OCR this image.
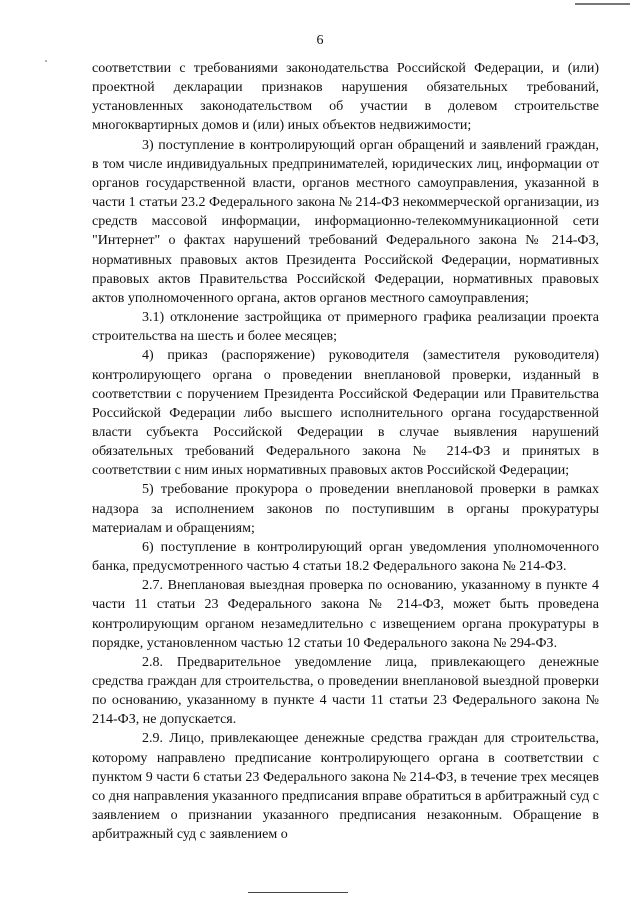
6

соответствии с требованиями законодательства Российской Федерации, и (или) проектной декларации признаков нарушения обязательных требований, установленных законодательством об участии в долевом строительстве многоквартирных домов и (или) иных объектов недвижимости;

3) поступление в контролирующий орган обращений и заявлений граждан, в том числе индивидуальных предпринимателей, юридических лиц, информации от органов государственной власти, органов местного самоуправления, указанной в части 1 статьи 23.2 Федерального закона № 214-ФЗ некоммерческой организации, из средств массовой информации, информационно-телекоммуникационной сети "Интернет" о фактах нарушений требований Федерального закона № 214-ФЗ, нормативных правовых актов Президента Российской Федерации, нормативных правовых актов Правительства Российской Федерации, нормативных правовых актов уполномоченного органа, актов органов местного самоуправления;

3.1) отклонение застройщика от примерного графика реализации проекта строительства на шесть и более месяцев;

4) приказ (распоряжение) руководителя (заместителя руководителя) контролирующего органа о проведении внеплановой проверки, изданный в соответствии с поручением Президента Российской Федерации или Правительства Российской Федерации либо высшего исполнительного органа государственной власти субъекта Российской Федерации в случае выявления нарушений обязательных требований Федерального закона № 214-ФЗ и принятых в соответствии с ним иных нормативных правовых актов Российской Федерации;

5) требование прокурора о проведении внеплановой проверки в рамках надзора за исполнением законов по поступившим в органы прокуратуры материалам и обращениям;

6) поступление в контролирующий орган уведомления уполномоченного банка, предусмотренного частью 4 статьи 18.2 Федерального закона № 214-ФЗ.

2.7. Внеплановая выездная проверка по основанию, указанному в пункте 4 части 11 статьи 23 Федерального закона № 214-ФЗ, может быть проведена контролирующим органом незамедлительно с извещением органа прокуратуры в порядке, установленном частью 12 статьи 10 Федерального закона № 294-ФЗ.

2.8. Предварительное уведомление лица, привлекающего денежные средства граждан для строительства, о проведении внеплановой выездной проверки по основанию, указанному в пункте 4 части 11 статьи 23 Федерального закона № 214-ФЗ, не допускается.

2.9. Лицо, привлекающее денежные средства граждан для строительства, которому направлено предписание контролирующего органа в соответствии с пунктом 9 части 6 статьи 23 Федерального закона № 214-ФЗ, в течение трех месяцев со дня направления указанного предписания вправе обратиться в арбитражный суд с заявлением о признании указанного предписания незаконным. Обращение в арбитражный суд с заявлением о
